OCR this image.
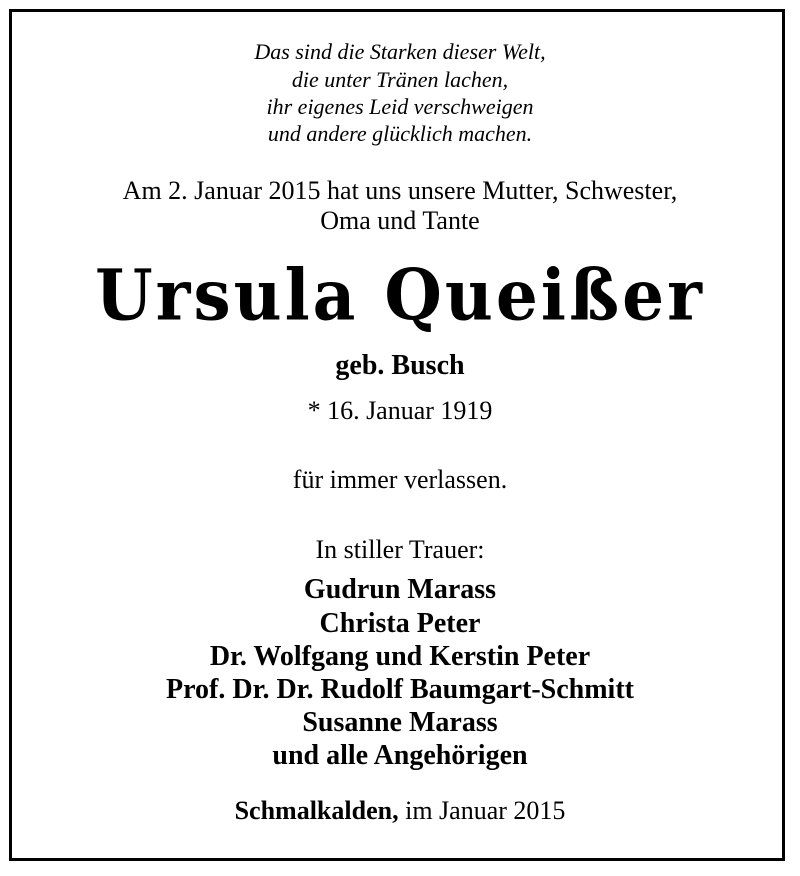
Das sind die Starken dieser Welt,
die unter Tränen lachen,
ihr eigenes Leid verschweigen
und andere glücklich machen.
Am 2. Januar 2015 hat uns unsere Mutter, Schwester,
Oma und Tante
Ursula Queißer
geb. Busch
* 16. Januar 1919
für immer verlassen.
In stiller Trauer:
Gudrun Marass
Christa Peter
Dr. Wolfgang und Kerstin Peter
Prof. Dr. Dr. Rudolf Baumgart-Schmitt
Susanne Marass
und alle Angehörigen
Schmalkalden, im Januar 2015
